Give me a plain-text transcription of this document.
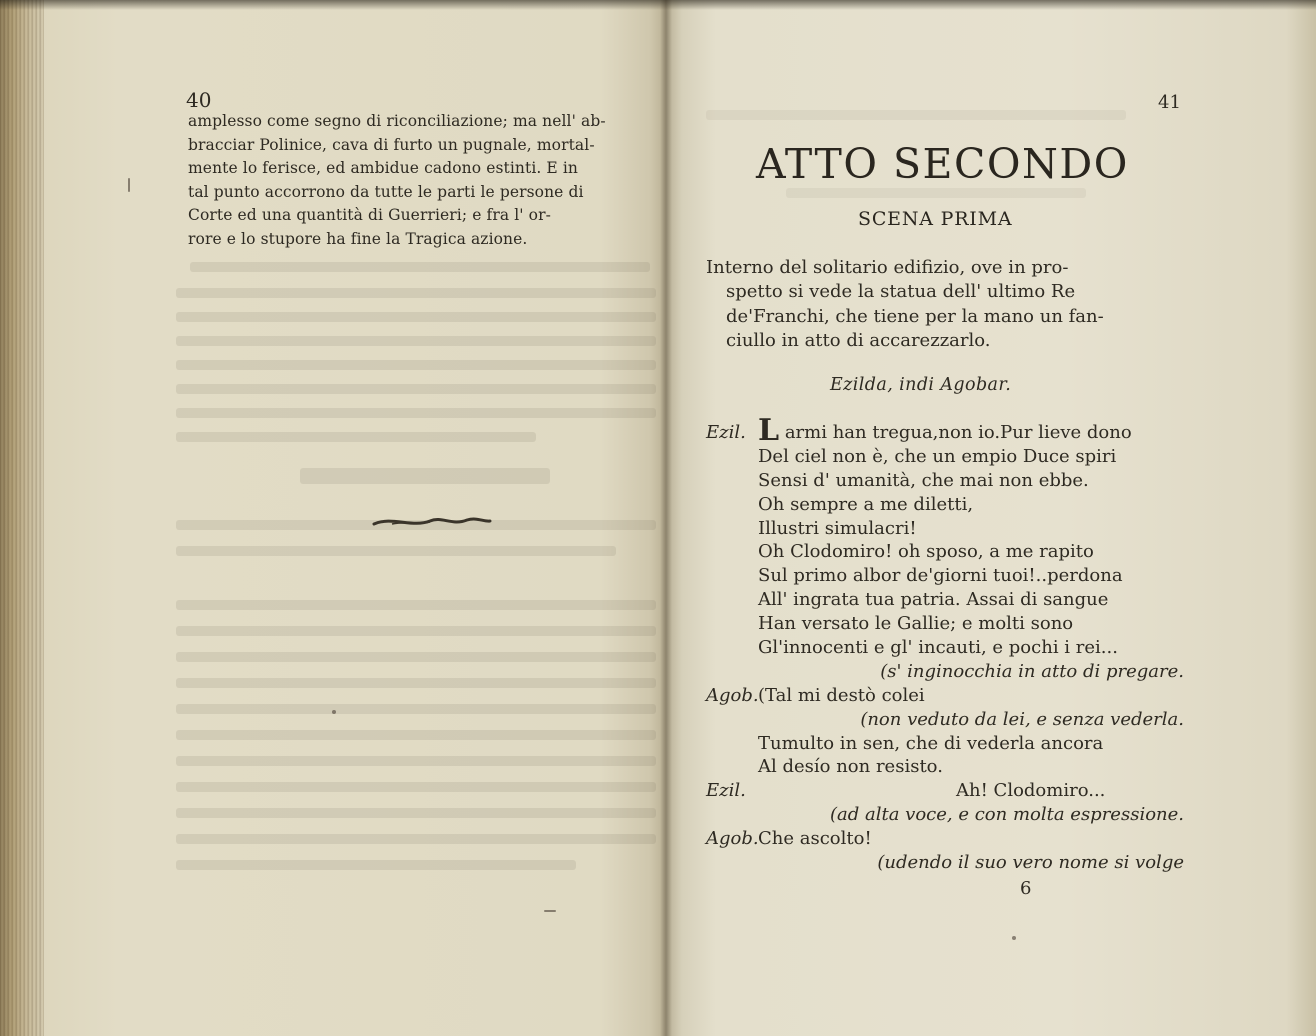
40
amplesso come segno di riconciliazione; ma nell' ab-
bracciar Polinice, cava di furto un pugnale, mortal-
mente lo ferisce, ed ambidue cadono estinti. E in
tal punto accorrono da tutte le parti le persone di
Corte ed una quantità di Guerrieri; e fra l' or-
rore e lo stupore ha fine la Tragica azione.
41
ATTO SECONDO
SCENA PRIMA
Interno del solitario edifizio, ove in pro-
spetto si vede la statua dell' ultimo Re
de'Franchi, che tiene per la mano un fan-
ciullo in atto di accarezzarlo.
Ezilda, indi Agobar.
Ezil. L armi han tregua,non io.Pur lieve dono
Del ciel non è, che un empio Duce spiri
Sensi d' umanità, che mai non ebbe.
Oh sempre a me diletti,
Illustri simulacri!
Oh Clodomiro! oh sposo, a me rapito
Sul primo albor de'giorni tuoi!..perdona
All' ingrata tua patria. Assai di sangue
Han versato le Gallie; e molti sono
Gl'innocenti e gl' incauti, e pochi i rei...
(s' inginocchia in atto di pregare.
Agob. (Tal mi destò colei
(non veduto da lei, e senza vederla.
Tumulto in sen, che di vederla ancora
Al desío non resisto.
Ezil.	Ah! Clodomiro...
(ad alta voce, e con molta espressione.
Agob. Che ascolto!
(udendo il suo vero nome si volge
6
